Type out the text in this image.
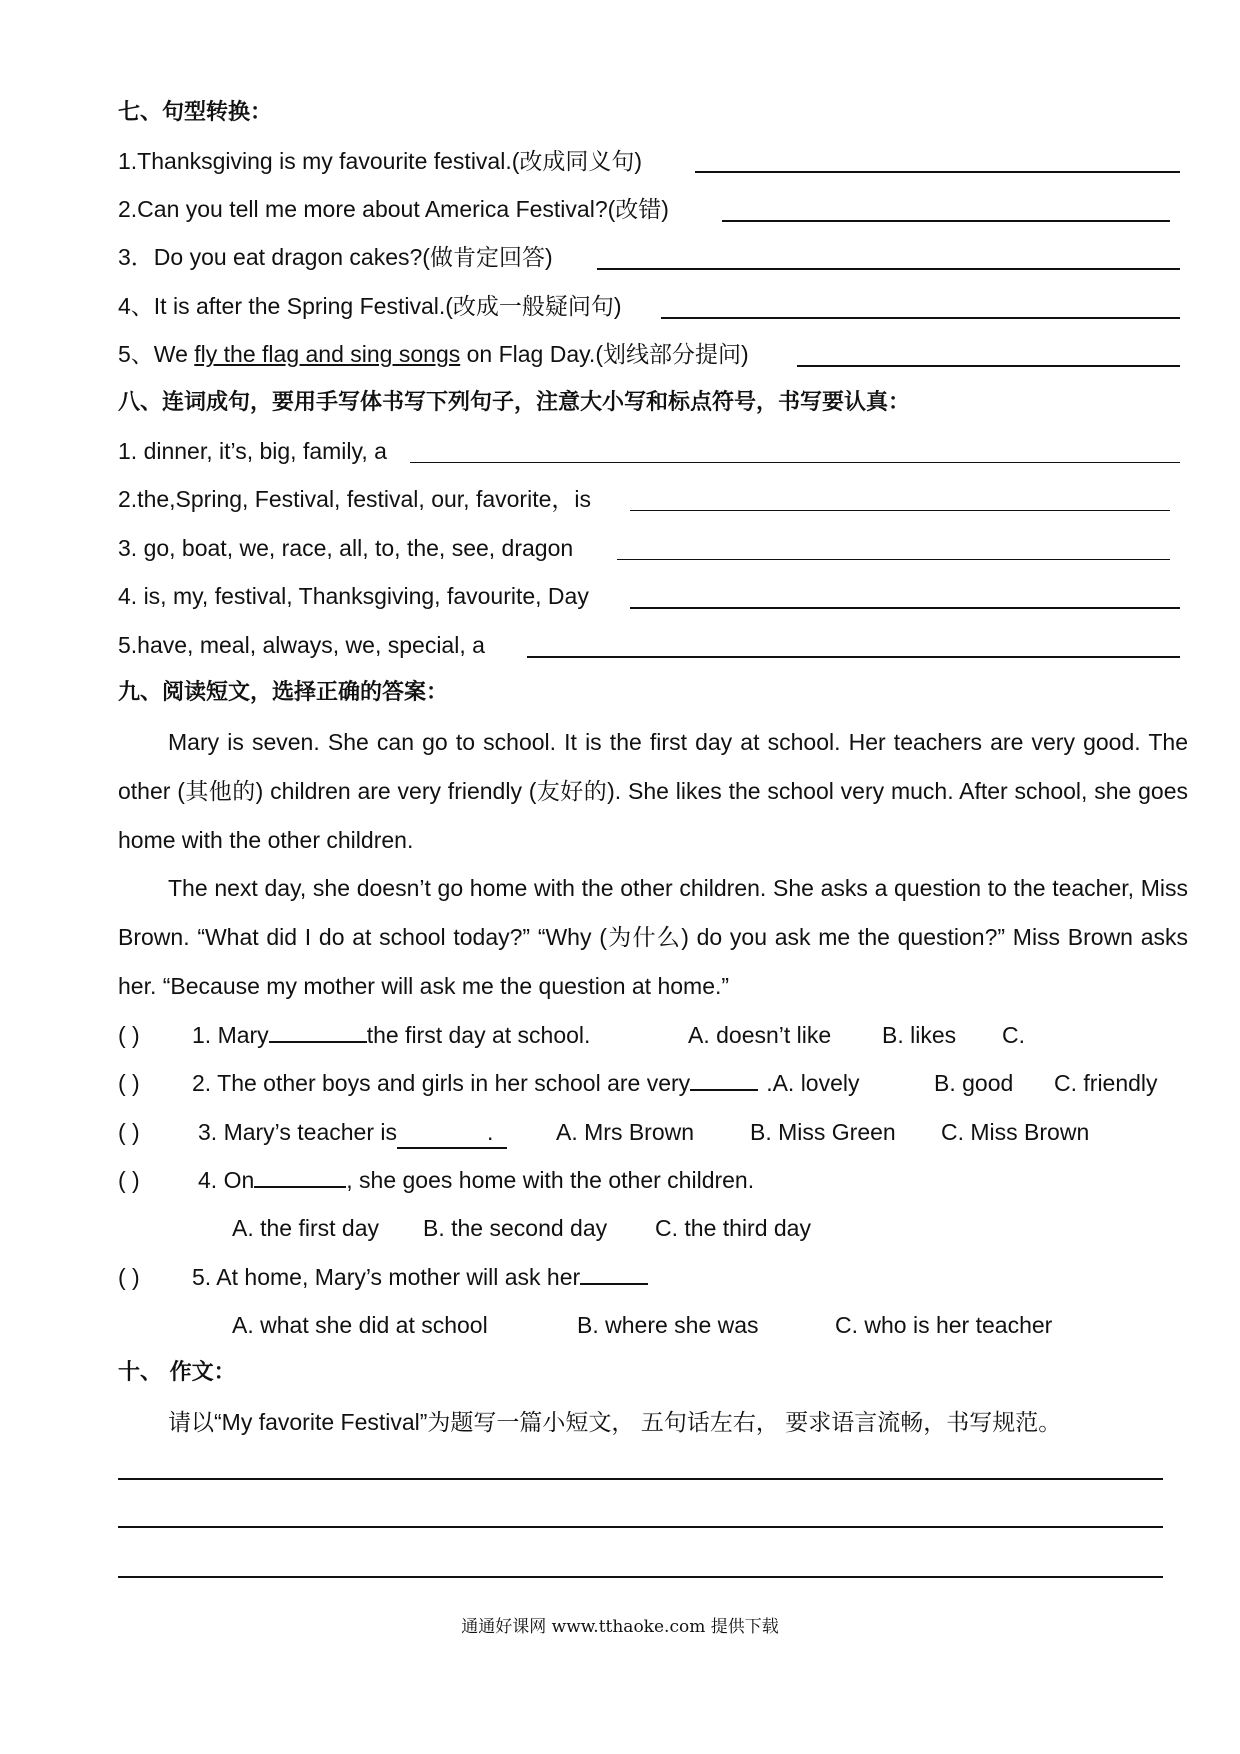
七、句型转换：
1.Thanksgiving is my favourite festival.(改成同义句)
2.Can you tell me more about America Festival?(改错)
3．Do you eat dragon cakes?(做肯定回答)
4、It is after the Spring Festival.(改成一般疑问句)
5、We fly the flag and sing songs on Flag Day.(划线部分提问)
八、连词成句，要用手写体书写下列句子，注意大小写和标点符号，书写要认真：
1. dinner, it’s, big, family, a
2.the,Spring, Festival, festival, our, favorite，is
3. go, boat, we, race, all, to, the, see, dragon
4. is, my, festival, Thanksgiving, favourite, Day
5.have, meal, always, we, special, a
九、阅读短文，选择正确的答案：

Mary is seven. She can go to school. It is the first day at school. Her teachers are very good. The other (其他的) children are very friendly (友好的). She likes the school very much. After school, she goes home with the other children.

The next day, she doesn’t go home with the other children. She asks a question to the teacher, Miss Brown. “What did I do at school today?” “Why (为什么) do you ask me the question?” Miss Brown asks her. “Because my mother will ask me the question at home.”

( ) 1. Mary	the first day at school.	A. doesn’t like B. likes C.
( ) 2. The other boys and girls in her school are very	.A. lovely	B. good C. friendly
( )	3. Mary’s teacher is	.	A. Mrs Brown B. Miss Green C. Miss Brown
( )	4. On	, she goes home with the other children.
A. the first day B. the second day C. the third day
( ) 5. At home, Mary’s mother will ask her
A. what she did at school	B. where she was	C. who is her teacher
十、 作文：
请以“My favorite Festival”为题写一篇小短文， 五句话左右， 要求语言流畅，书写规范。
通通好课网 www.tthaoke.com 提供下载
